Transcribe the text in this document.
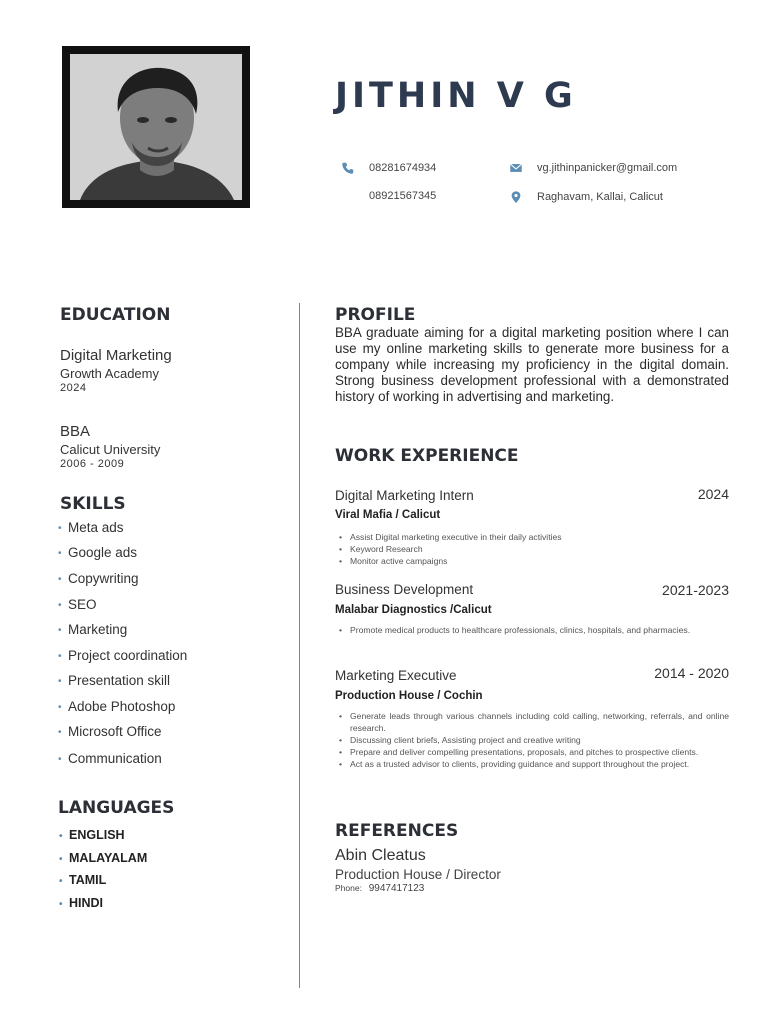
JITHIN V G
08281674934
08921567345
vg.jithinpanicker@gmail.com
Raghavam, Kallai, Calicut
EDUCATION
Digital Marketing
Growth Academy
2024
BBA
Calicut University
2006 - 2009
SKILLS
• Meta ads
• Google ads
• Copywriting
• SEO
• Marketing
• Project coordination
• Presentation skill
• Adobe Photoshop
• Microsoft Office
• Communication
LANGUAGES
• ENGLISH
• MALAYALAM
• TAMIL
• HINDI
PROFILE
BBA graduate aiming for a digital marketing position where I can use my online marketing skills to generate more business for a company while increasing my proficiency in the digital domain. Strong business development professional with a demonstrated history of working in advertising and marketing.
WORK EXPERIENCE
Digital Marketing Intern	2024
Viral Mafia / Calicut
• Assist Digital marketing executive in their daily activities
• Keyword Research
• Monitor active campaigns
Business Development	2021-2023
Malabar Diagnostics /Calicut
• Promote medical products to healthcare professionals, clinics, hospitals, and pharmacies.
Marketing Executive	2014 - 2020
Production House / Cochin
• Generate leads through various channels including cold calling, networking, referrals, and online research.
• Discussing client briefs, Assisting project and creative writing
• Prepare and deliver compelling presentations, proposals, and pitches to prospective clients.
• Act as a trusted advisor to clients, providing guidance and support throughout the project.
REFERENCES
Abin Cleatus
Production House / Director
Phone: 9947417123
